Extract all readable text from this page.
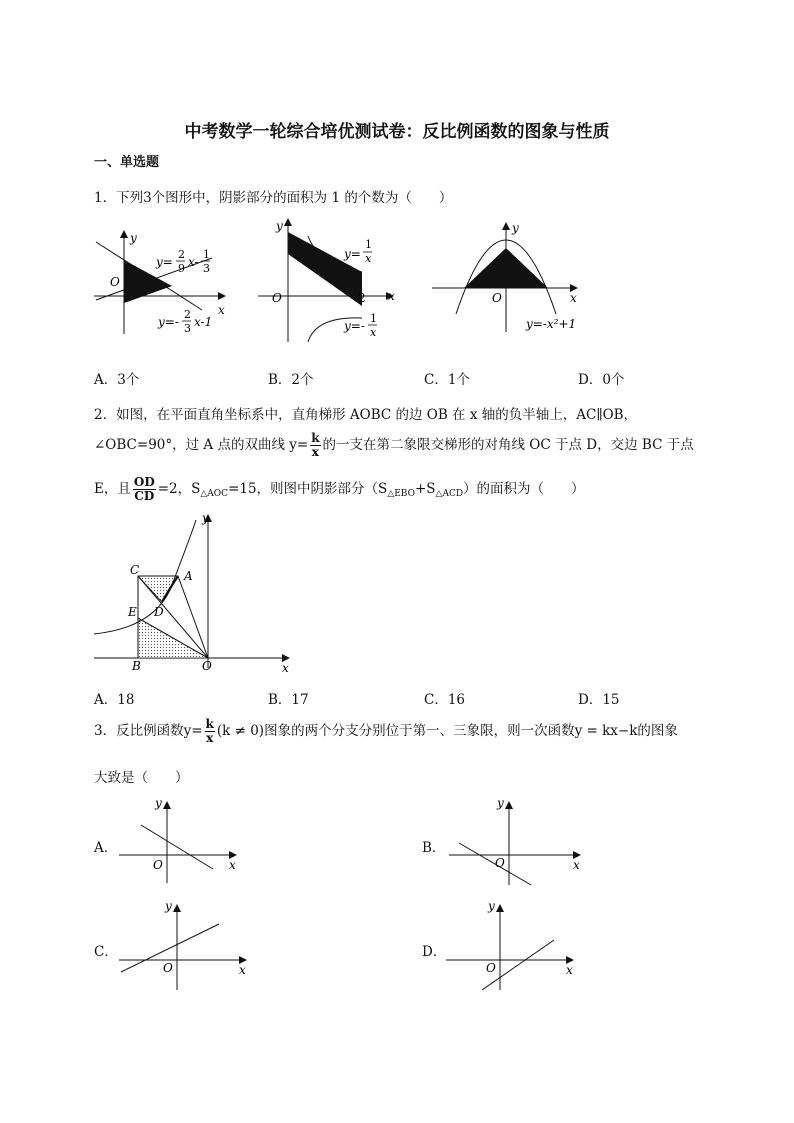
中考数学一轮综合培优测试卷：反比例函数的图象与性质
一、单选题
1．下列3个图形中，阴影部分的面积为 1 的个数为（　　）
y
x
O
y=
2
9 x-
1
3
y=-
2
3 x-1
y
x
O	2
y=
1
x
y=-
1
x
y
x
O
y=-x²+1
A．3个	B．2个	C．1个	D．0个
2．如图，在平面直角坐标系中，直角梯形 AOBC 的边 OB 在 x 轴的负半轴上，AC∥OB，
∠OBC=90°，过 A 点的双曲线 $y= \frac{k}{x}$ 的一支在第二象限交梯形的对角线 OC 于点 D，交边 BC 于点
E，且 $\frac{OD}{CD} =2$，$S_{\triangle AOC}=15$，则图中阴影部分$(S_{\triangle EBO}+S_{\triangle ACD})$的面积为（　　）
C	A
E D
B	O	x
y
A．18	B．17	C．16	D．15
3．反比例函数$y= \frac{k}{x} (k \ne 0)$图象的两个分支分别位于第一、三象限，则一次函数y = kx−k的图象
大致是（　　）
A．
y
x
O
B．
y
x
O
C．
y
x
O
D．
y
x
O
